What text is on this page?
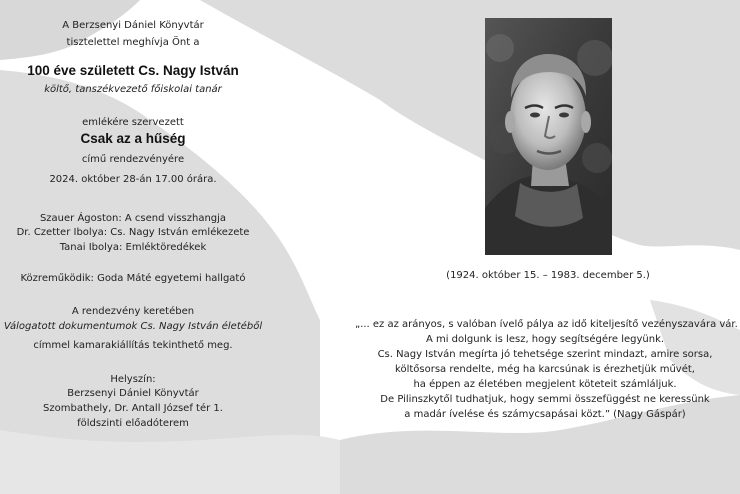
A Berzsenyi Dániel Könyvtár
tisztelettel meghívja Önt a
100 éve született Cs. Nagy István
költő, tanszékvezető főiskolai tanár
emlékére szervezett
Csak az a hűség
című rendezvényére
2024. október 28-án 17.00 órára.
Szauer Ágoston: A csend visszhangja
Dr. Czetter Ibolya: Cs. Nagy István emlékezete
Tanai Ibolya: Emléktöredékek
Közreműködik: Goda Máté egyetemi hallgató
A rendezvény keretében
Válogatott dokumentumok Cs. Nagy István életéből
címmel kamarakiállítás tekinthető meg.
Helyszín:
Berzsenyi Dániel Könyvtár
Szombathely, Dr. Antall József tér 1.
földszinti előadóterem
(1924. október 15. – 1983. december 5.)
„... ez az arányos, s valóban ívelő pálya az idő kiteljesítő vezényszavára vár.
A mi dolgunk is lesz, hogy segítségére legyünk.
Cs. Nagy István megírta jó tehetsége szerint mindazt, amire sorsa,
költősorsa rendelte, még ha karcsúnak is érezhetjük művét,
ha éppen az életében megjelent köteteit számláljuk.
De Pilinszkytől tudhatjuk, hogy semmi összefüggést ne keressünk
a madár ívelése és számycsapásai közt.” (Nagy Gáspár)
